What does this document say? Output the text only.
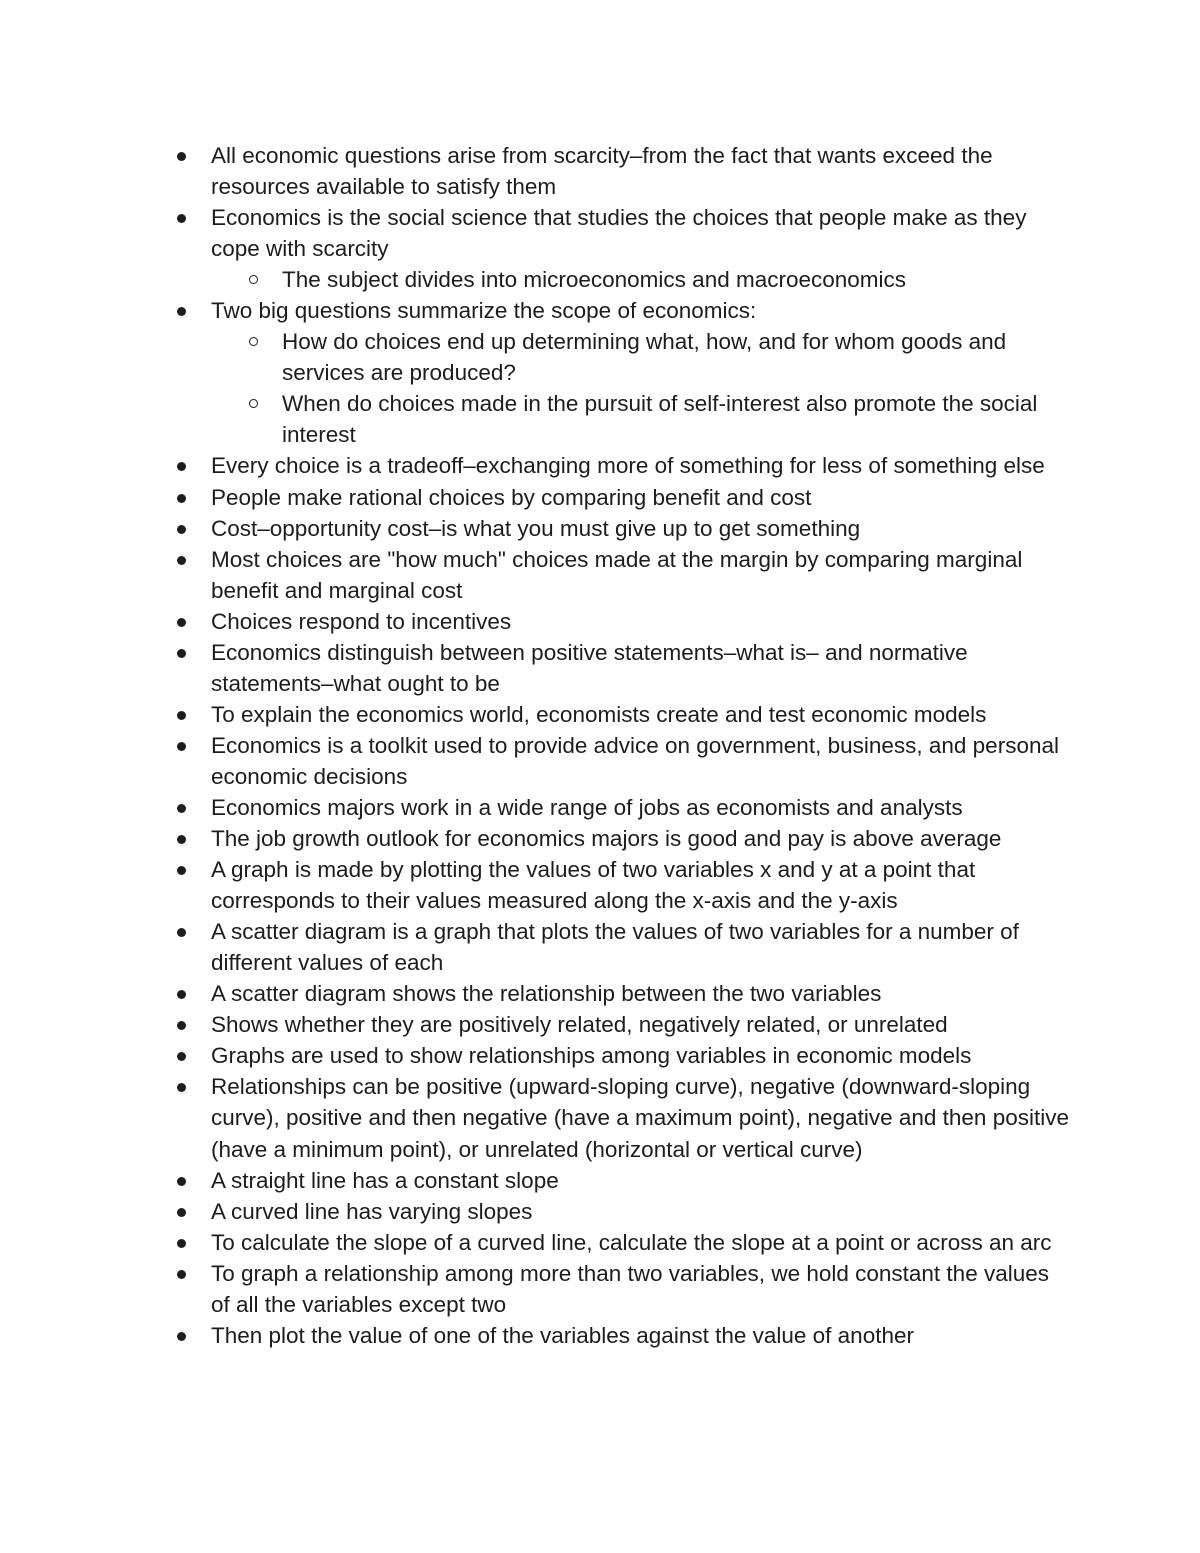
All economic questions arise from scarcity–from the fact that wants exceed the resources available to satisfy them
Economics is the social science that studies the choices that people make as they cope with scarcity
The subject divides into microeconomics and macroeconomics
Two big questions summarize the scope of economics:
How do choices end up determining what, how, and for whom goods and services are produced?
When do choices made in the pursuit of self-interest also promote the social interest
Every choice is a tradeoff–exchanging more of something for less of something else
People make rational choices by comparing benefit and cost
Cost–opportunity cost–is what you must give up to get something
Most choices are "how much" choices made at the margin by comparing marginal benefit and marginal cost
Choices respond to incentives
Economics distinguish between positive statements–what is– and normative statements–what ought to be
To explain the economics world, economists create and test economic models
Economics is a toolkit used to provide advice on government, business, and personal economic decisions
Economics majors work in a wide range of jobs as economists and analysts
The job growth outlook for economics majors is good and pay is above average
A graph is made by plotting the values of two variables x and y at a point that corresponds to their values measured along the x-axis and the y-axis
A scatter diagram is a graph that plots the values of two variables for a number of different values of each
A scatter diagram shows the relationship between the two variables
Shows whether they are positively related, negatively related, or unrelated
Graphs are used to show relationships among variables in economic models
Relationships can be positive (upward-sloping curve), negative (downward-sloping curve), positive and then negative (have a maximum point), negative and then positive (have a minimum point), or unrelated (horizontal or vertical curve)
A straight line has a constant slope
A curved line has varying slopes
To calculate the slope of a curved line, calculate the slope at a point or across an arc
To graph a relationship among more than two variables, we hold constant the values of all the variables except two
Then plot the value of one of the variables against the value of another
